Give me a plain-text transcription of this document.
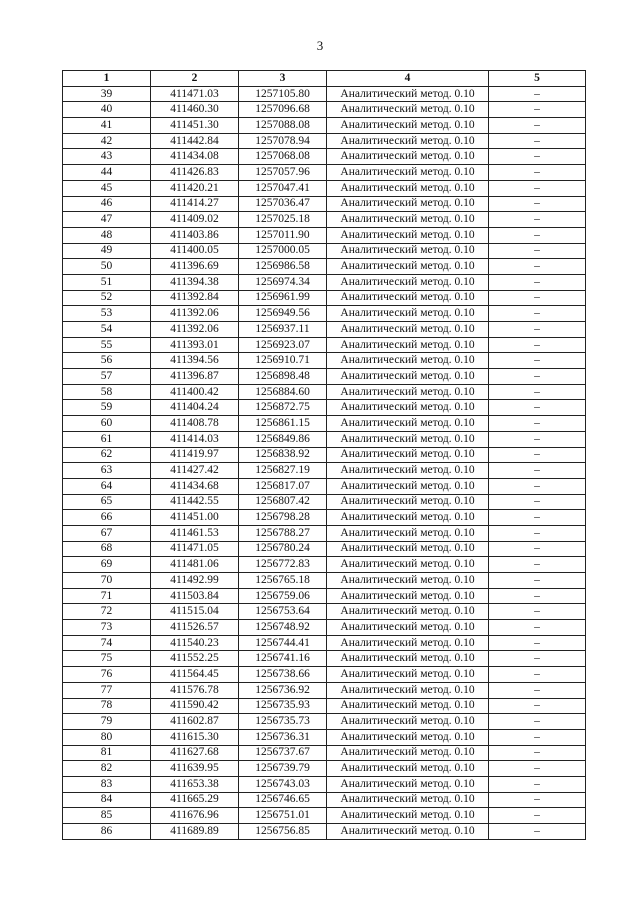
3
1	2	3	4	5
39	411471.03	1257105.80	Аналитический метод. 0.10	–
40	411460.30	1257096.68	Аналитический метод. 0.10	–
41	411451.30	1257088.08	Аналитический метод. 0.10	–
42	411442.84	1257078.94	Аналитический метод. 0.10	–
43	411434.08	1257068.08	Аналитический метод. 0.10	–
44	411426.83	1257057.96	Аналитический метод. 0.10	–
45	411420.21	1257047.41	Аналитический метод. 0.10	–
46	411414.27	1257036.47	Аналитический метод. 0.10	–
47	411409.02	1257025.18	Аналитический метод. 0.10	–
48	411403.86	1257011.90	Аналитический метод. 0.10	–
49	411400.05	1257000.05	Аналитический метод. 0.10	–
50	411396.69	1256986.58	Аналитический метод. 0.10	–
51	411394.38	1256974.34	Аналитический метод. 0.10	–
52	411392.84	1256961.99	Аналитический метод. 0.10	–
53	411392.06	1256949.56	Аналитический метод. 0.10	–
54	411392.06	1256937.11	Аналитический метод. 0.10	–
55	411393.01	1256923.07	Аналитический метод. 0.10	–
56	411394.56	1256910.71	Аналитический метод. 0.10	–
57	411396.87	1256898.48	Аналитический метод. 0.10	–
58	411400.42	1256884.60	Аналитический метод. 0.10	–
59	411404.24	1256872.75	Аналитический метод. 0.10	–
60	411408.78	1256861.15	Аналитический метод. 0.10	–
61	411414.03	1256849.86	Аналитический метод. 0.10	–
62	411419.97	1256838.92	Аналитический метод. 0.10	–
63	411427.42	1256827.19	Аналитический метод. 0.10	–
64	411434.68	1256817.07	Аналитический метод. 0.10	–
65	411442.55	1256807.42	Аналитический метод. 0.10	–
66	411451.00	1256798.28	Аналитический метод. 0.10	–
67	411461.53	1256788.27	Аналитический метод. 0.10	–
68	411471.05	1256780.24	Аналитический метод. 0.10	–
69	411481.06	1256772.83	Аналитический метод. 0.10	–
70	411492.99	1256765.18	Аналитический метод. 0.10	–
71	411503.84	1256759.06	Аналитический метод. 0.10	–
72	411515.04	1256753.64	Аналитический метод. 0.10	–
73	411526.57	1256748.92	Аналитический метод. 0.10	–
74	411540.23	1256744.41	Аналитический метод. 0.10	–
75	411552.25	1256741.16	Аналитический метод. 0.10	–
76	411564.45	1256738.66	Аналитический метод. 0.10	–
77	411576.78	1256736.92	Аналитический метод. 0.10	–
78	411590.42	1256735.93	Аналитический метод. 0.10	–
79	411602.87	1256735.73	Аналитический метод. 0.10	–
80	411615.30	1256736.31	Аналитический метод. 0.10	–
81	411627.68	1256737.67	Аналитический метод. 0.10	–
82	411639.95	1256739.79	Аналитический метод. 0.10	–
83	411653.38	1256743.03	Аналитический метод. 0.10	–
84	411665.29	1256746.65	Аналитический метод. 0.10	–
85	411676.96	1256751.01	Аналитический метод. 0.10	–
86	411689.89	1256756.85	Аналитический метод. 0.10	–
